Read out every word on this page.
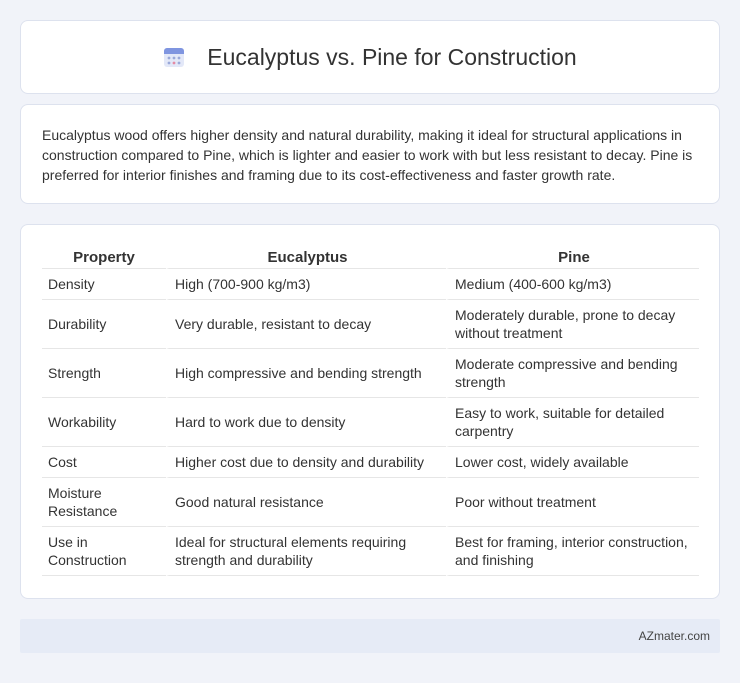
Eucalyptus vs. Pine for Construction

Eucalyptus wood offers higher density and natural durability, making it ideal for structural applications in construction compared to Pine, which is lighter and easier to work with but less resistant to decay. Pine is preferred for interior finishes and framing due to its cost-effectiveness and faster growth rate.

Property	Eucalyptus	Pine
Density	High (700-900 kg/m3)	Medium (400-600 kg/m3)
Durability	Very durable, resistant to decay	Moderately durable, prone to decay without treatment
Strength	High compressive and bending strength	Moderate compressive and bending strength
Workability	Hard to work due to density	Easy to work, suitable for detailed carpentry
Cost	Higher cost due to density and durability	Lower cost, widely available
Moisture Resistance	Good natural resistance	Poor without treatment
Use in Construction	Ideal for structural elements requiring strength and durability	Best for framing, interior construction, and finishing
AZmater.com
